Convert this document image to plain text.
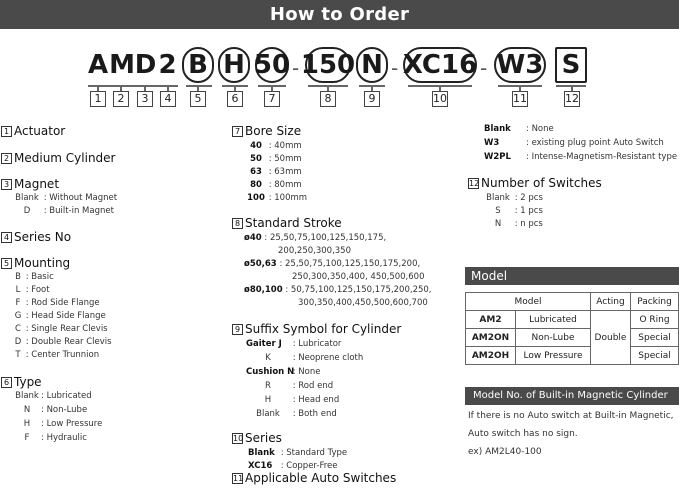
How to Order
A M D 2 B H 50 - 150 N - XC16 - W3 S
1	2	3	4	5	6	7	8	9	10	11	12
1 Actuator
2 Medium Cylinder
3 Magnet
Blank : Without Magnet
D : Built-in Magnet
4 Series No
5 Mounting
B : Basic
L : Foot
F : Rod Side Flange
G : Head Side Flange
C : Single Rear Clevis
D : Double Rear Clevis
T : Center Trunnion
6 Type
Blank : Lubricated
N : Non-Lube
H : Low Pressure
F : Hydraulic
7 Bore Size
40 : 40mm
50 : 50mm
63 : 63mm
80 : 80mm
100 : 100mm
8 Standard Stroke
ø40 : 25,50,75,100,125,150,175,
200,250,300,350
ø50,63 : 25,50,75,100,125,150,175,200,
250,300,350,400, 450,500,600
ø80,100 : 50,75,100,125,150,175,200,250,
300,350,400,450,500,600,700
9 Suffix Symbol for Cylinder
Gaiter J : Lubricator
K	: Neoprene cloth
Cushion N : None
R	: Rod end
H	: Head end
Blank : Both end
10 Series
Blank : Standard Type
XC16 : Copper-Free
11 Applicable Auto Switches
Blank : None
W3	: existing plug point Auto Switch
W2PL : Intense-Magnetism-Resistant type
12 Number of Switches
Blank : 2 pcs
S : 1 pcs
N : n pcs
Model
Model		Acting	Packing
AM2	Lubricated	Double	O Ring
AM2ON	Non-Lube		Special
AM2OH	Low Pressure		Special
Model No. of Built-in Magnetic Cylinder
If there is no Auto switch at Built-in Magnetic,
Auto switch has no sign.
ex) AM2L40-100
